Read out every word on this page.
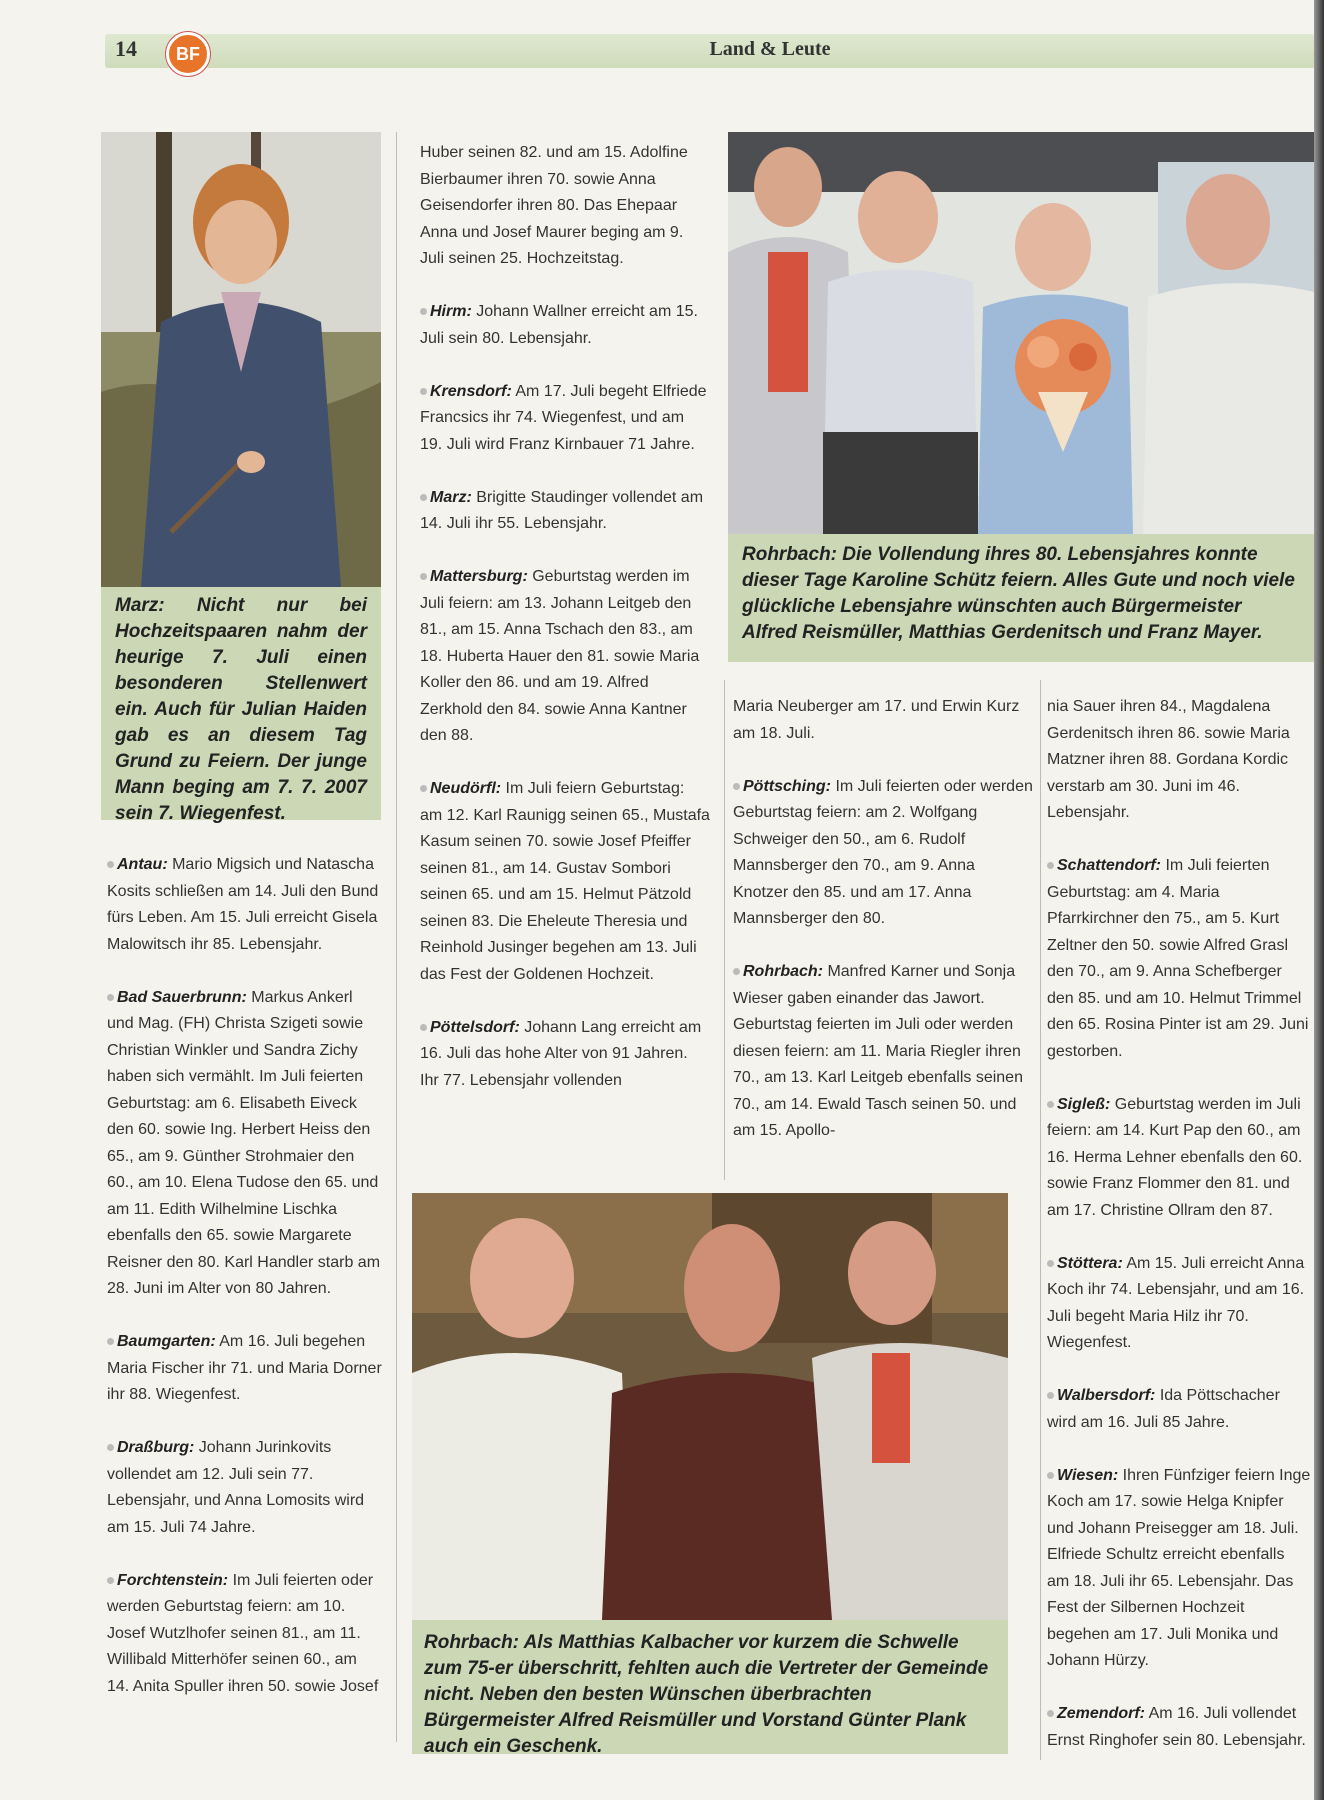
14	BF	Land & Leute
Marz: Nicht nur bei Hochzeitspaaren nahm der heurige 7. Juli einen besonderen Stellenwert ein. Auch für Julian Haiden gab es an diesem Tag Grund zu Feiern. Der junge Mann beging am 7. 7. 2007 sein 7. Wiegenfest.
Rohrbach: Die Vollendung ihres 80. Lebensjahres konnte dieser Tage Karoline Schütz feiern. Alles Gute und noch viele glückliche Lebensjahre wünschten auch Bürgermeister Alfred Reismüller, Matthias Gerdenitsch und Franz Mayer.
Rohrbach: Als Matthias Kalbacher vor kurzem die Schwelle zum 75-er überschritt, fehlten auch die Vertreter der Gemeinde nicht. Neben den besten Wünschen überbrachten Bürgermeister Alfred Reismüller und Vorstand Günter Plank auch ein Geschenk.

Antau: Mario Migsich und Natascha Kosits schließen am 14. Juli den Bund fürs Leben. Am 15. Juli erreicht Gisela Malowitsch ihr 85. Lebensjahr.

Bad Sauerbrunn: Markus Ankerl und Mag. (FH) Christa Szigeti sowie Christian Winkler und Sandra Zichy haben sich vermählt. Im Juli feierten Geburtstag: am 6. Elisabeth Eiveck den 60. sowie Ing. Herbert Heiss den 65., am 9. Günther Strohmaier den 60., am 10. Elena Tudose den 65. und am 11. Edith Wilhelmine Lischka ebenfalls den 65. sowie Margarete Reisner den 80. Karl Handler starb am 28. Juni im Alter von 80 Jahren.

Baumgarten: Am 16. Juli begehen Maria Fischer ihr 71. und Maria Dorner ihr 88. Wiegenfest.

Draßburg: Johann Jurinkovits vollendet am 12. Juli sein 77. Lebensjahr, und Anna Lomosits wird am 15. Juli 74 Jahre.

Forchtenstein: Im Juli feierten oder werden Geburtstag feiern: am 10. Josef Wutzlhofer seinen 81., am 11. Willibald Mitterhöfer seinen 60., am 14. Anita Spuller ihren 50. sowie Josef

Huber seinen 82. und am 15. Adolfine Bierbaumer ihren 70. sowie Anna Geisendorfer ihren 80. Das Ehepaar Anna und Josef Maurer beging am 9. Juli seinen 25. Hochzeitstag.

Hirm: Johann Wallner erreicht am 15. Juli sein 80. Lebensjahr.

Krensdorf: Am 17. Juli begeht Elfriede Francsics ihr 74. Wiegenfest, und am 19. Juli wird Franz Kirnbauer 71 Jahre.

Marz: Brigitte Staudinger vollendet am 14. Juli ihr 55. Lebensjahr.

Mattersburg: Geburtstag werden im Juli feiern: am 13. Johann Leitgeb den 81., am 15. Anna Tschach den 83., am 18. Huberta Hauer den 81. sowie Maria Koller den 86. und am 19. Alfred Zerkhold den 84. sowie Anna Kantner den 88.

Neudörfl: Im Juli feiern Geburtstag: am 12. Karl Raunigg seinen 65., Mustafa Kasum seinen 70. sowie Josef Pfeiffer seinen 81., am 14. Gustav Sombori seinen 65. und am 15. Helmut Pätzold seinen 83. Die Eheleute Theresia und Reinhold Jusinger begehen am 13. Juli das Fest der Goldenen Hochzeit.

Pöttelsdorf: Johann Lang erreicht am 16. Juli das hohe Alter von 91 Jahren. Ihr 77. Lebensjahr vollenden

Maria Neuberger am 17. und Erwin Kurz am 18. Juli.

Pöttsching: Im Juli feierten oder werden Geburtstag feiern: am 2. Wolfgang Schweiger den 50., am 6. Rudolf Mannsberger den 70., am 9. Anna Knotzer den 85. und am 17. Anna Mannsberger den 80.

Rohrbach: Manfred Karner und Sonja Wieser gaben einander das Jawort. Geburtstag feierten im Juli oder werden diesen feiern: am 11. Maria Riegler ihren 70., am 13. Karl Leitgeb ebenfalls seinen 70., am 14. Ewald Tasch seinen 50. und am 15. Apollo-

nia Sauer ihren 84., Magdalena Gerdenitsch ihren 86. sowie Maria Matzner ihren 88. Gordana Kordic verstarb am 30. Juni im 46. Lebensjahr.

Schattendorf: Im Juli feierten Geburtstag: am 4. Maria Pfarrkirchner den 75., am 5. Kurt Zeltner den 50. sowie Alfred Grasl den 70., am 9. Anna Schefberger den 85. und am 10. Helmut Trimmel den 65. Rosina Pinter ist am 29. Juni gestorben.

Sigleß: Geburtstag werden im Juli feiern: am 14. Kurt Pap den 60., am 16. Herma Lehner ebenfalls den 60. sowie Franz Flommer den 81. und am 17. Christine Ollram den 87.

Stöttera: Am 15. Juli erreicht Anna Koch ihr 74. Lebensjahr, und am 16. Juli begeht Maria Hilz ihr 70. Wiegenfest.

Walbersdorf: Ida Pöttschacher wird am 16. Juli 85 Jahre.

Wiesen: Ihren Fünfziger feiern Inge Koch am 17. sowie Helga Knipfer und Johann Preisegger am 18. Juli. Elfriede Schultz erreicht ebenfalls am 18. Juli ihr 65. Lebensjahr. Das Fest der Silbernen Hochzeit begehen am 17. Juli Monika und Johann Hürzy.

Zemendorf: Am 16. Juli vollendet Ernst Ringhofer sein 80. Lebensjahr.
